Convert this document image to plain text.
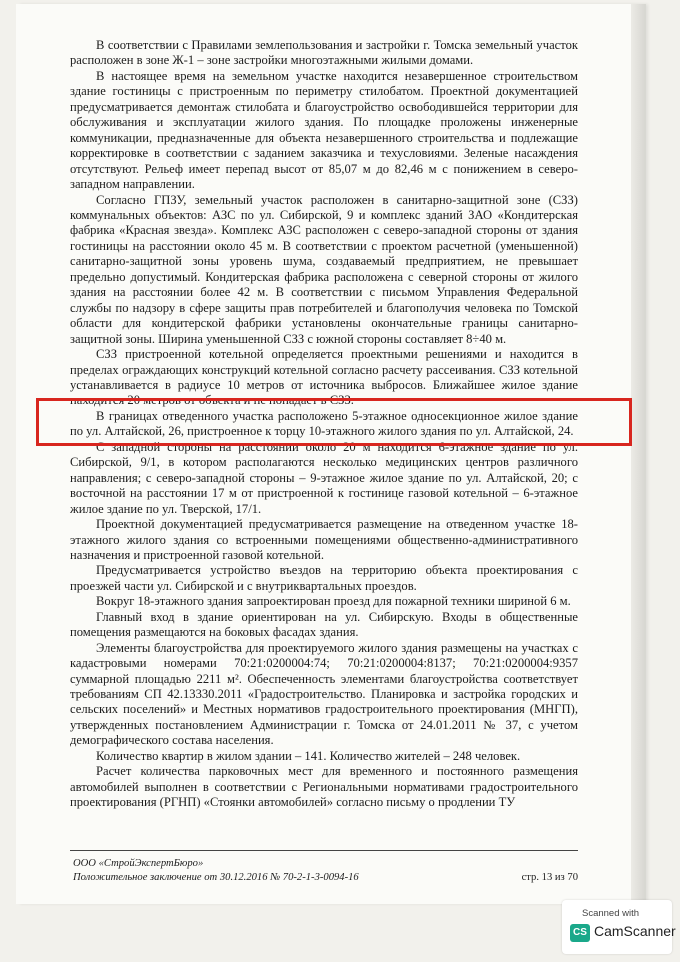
В соответствии с Правилами землепользования и застройки г. Томска земельный участок расположен в зоне Ж-1 – зоне застройки многоэтажными жилыми домами.

В настоящее время на земельном участке находится незавершенное строительством здание гостиницы с пристроенным по периметру стилобатом. Проектной документацией предусматривается демонтаж стилобата и благоустройство освободившейся территории для обслуживания и эксплуатации жилого здания. По площадке проложены инженерные коммуникации, предназначенные для объекта незавершенного строительства и подлежащие корректировке в соответствии с заданием заказчика и техусловиями. Зеленые насаждения отсутствуют. Рельеф имеет перепад высот от 85,07 м до 82,46 м с понижением в северо-западном направлении.

Согласно ГПЗУ, земельный участок расположен в санитарно-защитной зоне (СЗЗ) коммунальных объектов: АЗС по ул. Сибирской, 9 и комплекс зданий ЗАО «Кондитерская фабрика «Красная звезда». Комплекс АЗС расположен с северо-западной стороны от здания гостиницы на расстоянии около 45 м. В соответствии с проектом расчетной (уменьшенной) санитарно-защитной зоны уровень шума, создаваемый предприятием, не превышает предельно допустимый. Кондитерская фабрика расположена с северной стороны от жилого здания на расстоянии более 42 м. В соответствии с письмом Управления Федеральной службы по надзору в сфере защиты прав потребителей и благополучия человека по Томской области для кондитерской фабрики установлены окончательные границы санитарно-защитной зоны. Ширина уменьшенной СЗЗ с южной стороны составляет 8÷40 м.

СЗЗ пристроенной котельной определяется проектными решениями и находится в пределах ограждающих конструкций котельной согласно расчету рассеивания. СЗЗ котельной устанавливается в радиусе 10 метров от источника выбросов. Ближайшее жилое здание находится 20 метров от объекта и не попадает в СЗЗ.

В границах отведенного участка расположено 5-этажное односекционное жилое здание по ул. Алтайской, 26, пристроенное к торцу 10-этажного жилого здания по ул. Алтайской, 24.

С западной стороны на расстоянии около 20 м находится 6-этажное здание по ул. Сибирской, 9/1, в котором располагаются несколько медицинских центров различного направления; с северо-западной стороны – 9-этажное жилое здание по ул. Алтайской, 20; с восточной на расстоянии 17 м от пристроенной к гостинице газовой котельной – 6-этажное жилое здание по ул. Тверской, 17/1.

Проектной документацией предусматривается размещение на отведенном участке 18-этажного жилого здания со встроенными помещениями общественно-административного назначения и пристроенной газовой котельной.

Предусматривается устройство въездов на территорию объекта проектирования с проезжей части ул. Сибирской и с внутриквартальных проездов.

Вокруг 18-этажного здания запроектирован проезд для пожарной техники шириной 6 м.

Главный вход в здание ориентирован на ул. Сибирскую. Входы в общественные помещения размещаются на боковых фасадах здания.

Элементы благоустройства для проектируемого жилого здания размещены на участках с кадастровыми номерами 70:21:0200004:74; 70:21:0200004:8137; 70:21:0200004:9357 суммарной площадью 2211 м². Обеспеченность элементами благоустройства соответствует требованиям СП 42.13330.2011 «Градостроительство. Планировка и застройка городских и сельских поселений» и Местных нормативов градостроительного проектирования (МНГП), утвержденных постановлением Администрации г. Томска от 24.01.2011 № 37, с учетом демографического состава населения.

Количество квартир в жилом здании – 141. Количество жителей – 248 человек.

Расчет количества парковочных мест для временного и постоянного размещения автомобилей выполнен в соответствии с Региональными нормативами градостроительного проектирования (РГНП) «Стоянки автомобилей» согласно письму о продлении ТУ

ООО «СтройЭкспертБюро»
Положительное заключение от 30.12.2016 № 70-2-1-3-0094-16	стр. 13 из 70
Scanned with
CS CamScanner
